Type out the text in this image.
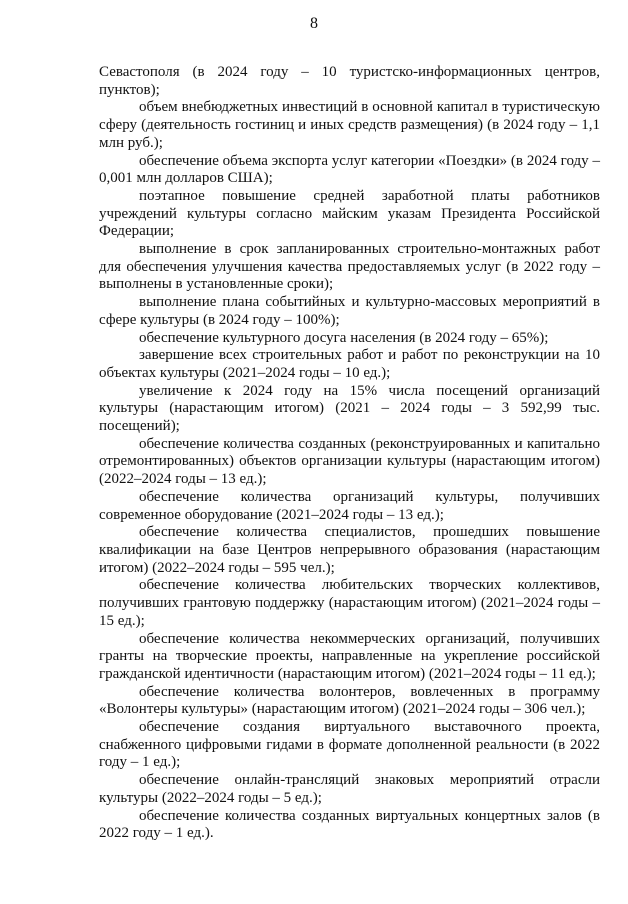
8

Севастополя (в 2024 году – 10 туристско-информационных центров, пунктов);

объем внебюджетных инвестиций в основной капитал в туристическую сферу (деятельность гостиниц и иных средств размещения) (в 2024 году – 1,1 млн руб.);

обеспечение объема экспорта услуг категории «Поездки» (в 2024 году – 0,001 млн долларов США);

поэтапное повышение средней заработной платы работников учреждений культуры согласно майским указам Президента Российской Федерации;

выполнение в срок запланированных строительно-монтажных работ для обеспечения улучшения качества предоставляемых услуг (в 2022 году – выполнены в установленные сроки);

выполнение плана событийных и культурно-массовых мероприятий в сфере культуры (в 2024 году – 100%);

обеспечение культурного досуга населения (в 2024 году – 65%);

завершение всех строительных работ и работ по реконструкции на 10 объектах культуры (2021–2024 годы – 10 ед.);

увеличение к 2024 году на 15% числа посещений организаций культуры (нарастающим итогом) (2021 – 2024 годы – 3 592,99 тыс. посещений);

обеспечение количества созданных (реконструированных и капитально отремонтированных) объектов организации культуры (нарастающим итогом) (2022–2024 годы – 13 ед.);

обеспечение количества организаций культуры, получивших современное оборудование (2021–2024 годы – 13 ед.);

обеспечение количества специалистов, прошедших повышение квалификации на базе Центров непрерывного образования (нарастающим итогом) (2022–2024 годы – 595 чел.);

обеспечение количества любительских творческих коллективов, получивших грантовую поддержку (нарастающим итогом) (2021–2024 годы – 15 ед.);

обеспечение количества некоммерческих организаций, получивших гранты на творческие проекты, направленные на укрепление российской гражданской идентичности (нарастающим итогом) (2021–2024 годы – 11 ед.);

обеспечение количества волонтеров, вовлеченных в программу «Волонтеры культуры» (нарастающим итогом) (2021–2024 годы – 306 чел.);

обеспечение создания виртуального выставочного проекта, снабженного цифровыми гидами в формате дополненной реальности (в 2022 году – 1 ед.);

обеспечение онлайн-трансляций знаковых мероприятий отрасли культуры (2022–2024 годы – 5 ед.);

обеспечение количества созданных виртуальных концертных залов (в 2022 году – 1 ед.).
